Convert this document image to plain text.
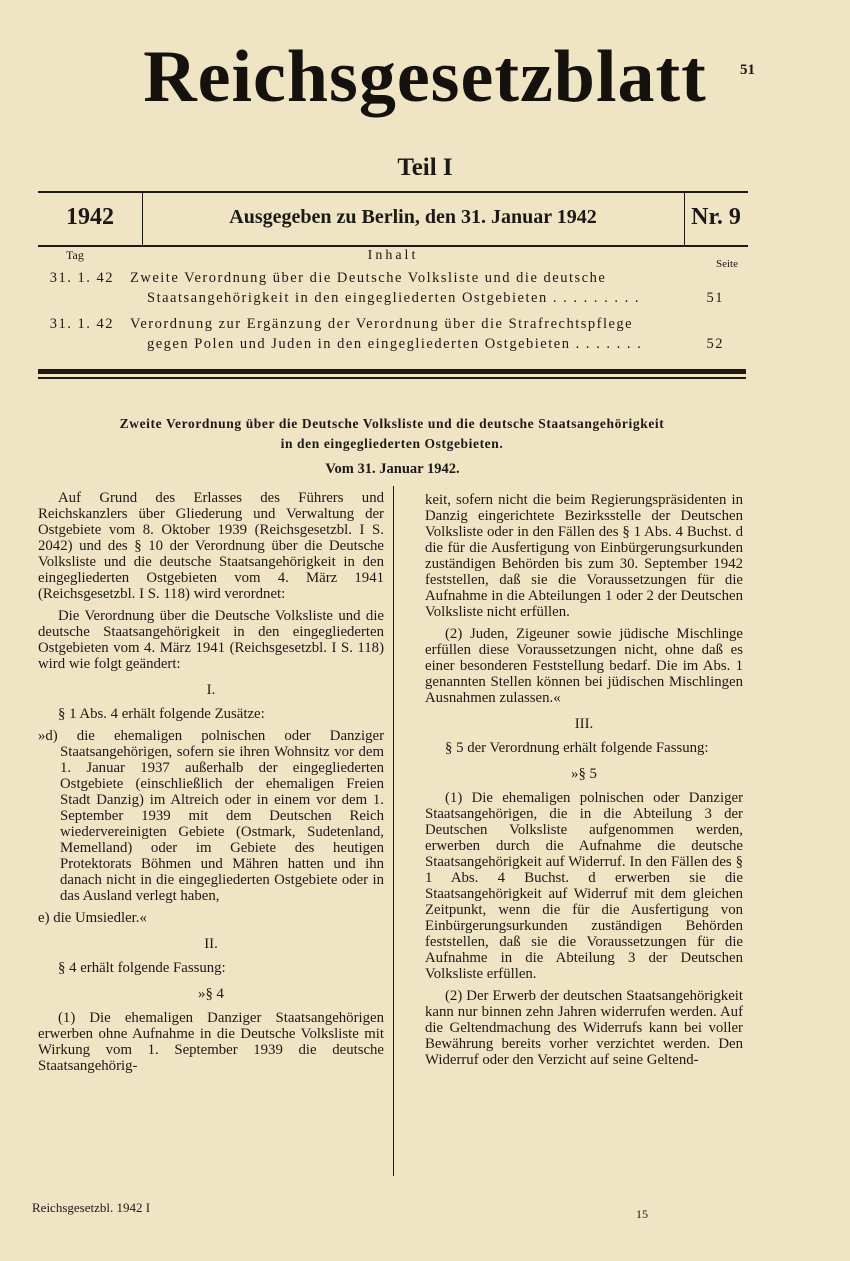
Reichsgesetzblatt	51
Teil I
1942	Ausgegeben zu Berlin, den 31. Januar 1942	Nr. 9
Tag	Inhalt
Seite
31. 1. 42 Zweite Verordnung über die Deutsche Volksliste und die deutsche
Staatsangehörigkeit in den eingegliederten Ostgebieten . . . . . . . . .	51
31. 1. 42 Verordnung zur Ergänzung der Verordnung über die Strafrechtspflege
gegen Polen und Juden in den eingegliederten Ostgebieten . . . . . . .	52
Zweite Verordnung über die Deutsche Volksliste und die deutsche Staatsangehörigkeit
in den eingegliederten Ostgebieten.
Vom 31. Januar 1942.

Auf Grund des Erlasses des Führers und Reichskanzlers über Gliederung und Verwaltung der Ostgebiete vom 8. Oktober 1939 (Reichsgesetzbl. I S. 2042) und des § 10 der Verordnung über die Deutsche Volksliste und die deutsche Staatsangehörigkeit in den eingegliederten Ostgebieten vom 4. März 1941 (Reichsgesetzbl. I S. 118) wird verordnet:

Die Verordnung über die Deutsche Volksliste und die deutsche Staatsangehörigkeit in den eingegliederten Ostgebieten vom 4. März 1941 (Reichsgesetzbl. I S. 118) wird wie folgt geändert:

I.

§ 1 Abs. 4 erhält folgende Zusätze:

»d) die ehemaligen polnischen oder Danziger Staatsangehörigen, sofern sie ihren Wohnsitz vor dem 1. Januar 1937 außerhalb der eingegliederten Ostgebiete (einschließlich der ehemaligen Freien Stadt Danzig) im Altreich oder in einem vor dem 1. September 1939 mit dem Deutschen Reich wiedervereinigten Gebiete (Ostmark, Sudetenland, Memelland) oder im Gebiete des heutigen Protektorats Böhmen und Mähren hatten und ihn danach nicht in die eingegliederten Ostgebiete oder in das Ausland verlegt haben,

e) die Umsiedler.«

II.

§ 4 erhält folgende Fassung:

»§ 4

(1) Die ehemaligen Danziger Staatsangehörigen erwerben ohne Aufnahme in die Deutsche Volksliste mit Wirkung vom 1. September 1939 die deutsche Staatsangehörig-

keit, sofern nicht die beim Regierungspräsidenten in Danzig eingerichtete Bezirksstelle der Deutschen Volksliste oder in den Fällen des § 1 Abs. 4 Buchst. d die für die Ausfertigung von Einbürgerungsurkunden zuständigen Behörden bis zum 30. September 1942 feststellen, daß sie die Voraussetzungen für die Aufnahme in die Abteilungen 1 oder 2 der Deutschen Volksliste nicht erfüllen.

(2) Juden, Zigeuner sowie jüdische Mischlinge erfüllen diese Voraussetzungen nicht, ohne daß es einer besonderen Feststellung bedarf. Die im Abs. 1 genannten Stellen können bei jüdischen Mischlingen Ausnahmen zulassen.«

III.

§ 5 der Verordnung erhält folgende Fassung:

»§ 5

(1) Die ehemaligen polnischen oder Danziger Staatsangehörigen, die in die Abteilung 3 der Deutschen Volksliste aufgenommen werden, erwerben durch die Aufnahme die deutsche Staatsangehörigkeit auf Widerruf. In den Fällen des § 1 Abs. 4 Buchst. d erwerben sie die Staatsangehörigkeit auf Widerruf mit dem gleichen Zeitpunkt, wenn die für die Ausfertigung von Einbürgerungsurkunden zuständigen Behörden feststellen, daß sie die Voraussetzungen für die Aufnahme in die Abteilung 3 der Deutschen Volksliste erfüllen.

(2) Der Erwerb der deutschen Staatsangehörigkeit kann nur binnen zehn Jahren widerrufen werden. Auf die Geltendmachung des Widerrufs kann bei voller Bewährung bereits vorher verzichtet werden. Den Widerruf oder den Verzicht auf seine Geltend-

Reichsgesetzbl. 1942 I	15
